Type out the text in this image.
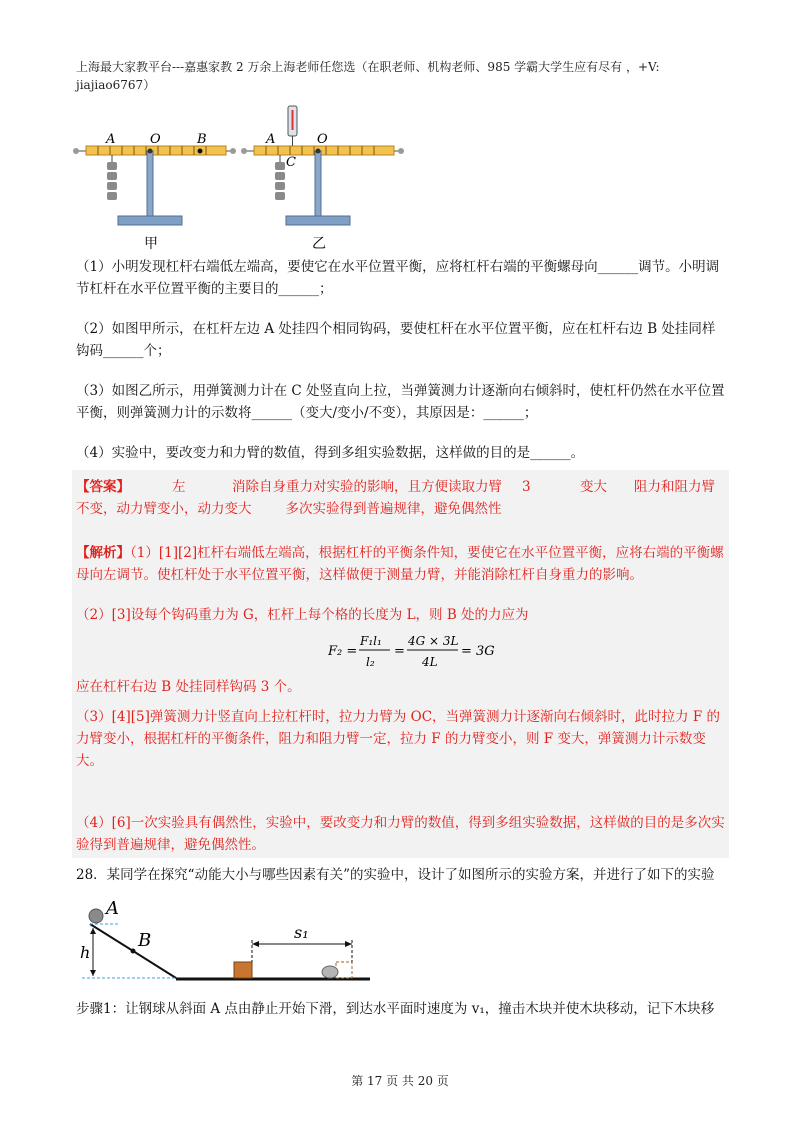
上海最大家教平台---嘉惠家教 2 万余上海老师任您选（在职老师、机构老师、985 学霸大学生应有尽有 ，+V: jiajiao6767）
A	O	B
甲
A	O
C
乙
（1）小明发现杠杆右端低左端高，要使它在水平位置平衡，应将杠杆右端的平衡螺母向______调节。小明调节杠杆在水平位置平衡的主要目的______；
（2）如图甲所示，在杠杆左边 A 处挂四个相同钩码，要使杠杆在水平位置平衡，应在杠杆右边 B 处挂同样钩码______个；
（3）如图乙所示，用弹簧测力计在 C 处竖直向上拉，当弹簧测力计逐渐向右倾斜时，使杠杆仍然在水平位置平衡，则弹簧测力计的示数将______（变大/变小/不变），其原因是：______；
（4）实验中，要改变力和力臂的数值，得到多组实验数据，这样做的目的是______。
【答案】	左	消除自身重力对实验的影响，且方便读取力臂 3	变大	阻力和阻力臂不变，动力臂变小，动力变大	多次实验得到普遍规律，避免偶然性
【解析】（1）[1][2]杠杆右端低左端高，根据杠杆的平衡条件知，要使它在水平位置平衡，应将右端的平衡螺母向左调节。使杠杆处于水平位置平衡，这样做便于测量力臂，并能消除杠杆自身重力的影响。
（2）[3]设每个钩码重力为 G，杠杆上每个格的长度为 L，则 B 处的力应为
F₂ =
F₁l₁
l₂
=
4G × 3L
4L
= 3G
应在杠杆右边 B 处挂同样钩码 3 个。
（3）[4][5]弹簧测力计竖直向上拉杠杆时，拉力力臂为 OC，当弹簧测力计逐渐向右倾斜时，此时拉力 F 的力臂变小，根据杠杆的平衡条件，阻力和阻力臂一定，拉力 F 的力臂变小，则 F 变大，弹簧测力计示数变大。
（4）[6]一次实验具有偶然性，实验中，要改变力和力臂的数值，得到多组实验数据，这样做的目的是多次实验得到普遍规律，避免偶然性。
28．某同学在探究“动能大小与哪些因素有关”的实验中，设计了如图所示的实验方案，并进行了如下的实验
A
B
h
s₁
步骤1：让钢球从斜面 A 点由静止开始下滑，到达水平面时速度为 v₁，撞击木块并使木块移动，记下木块移
第 17 页 共 20 页
